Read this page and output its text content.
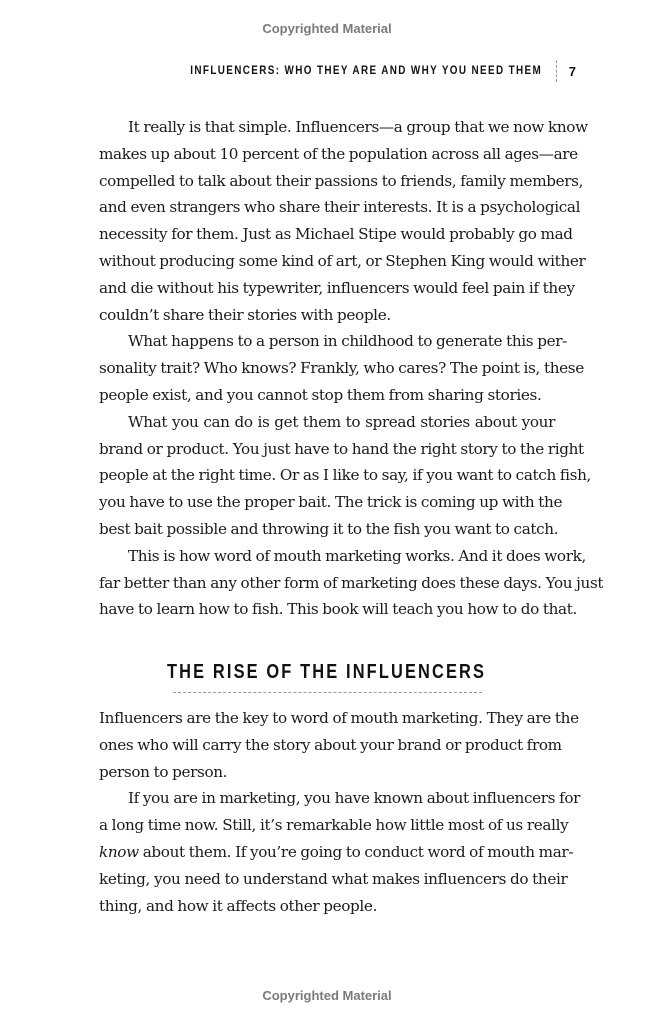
Copyrighted Material
INFLUENCERS: WHO THEY ARE AND WHY YOU NEED THEM 7
It really is that simple. Influencers—a group that we now know
makes up about 10 percent of the population across all ages—are
compelled to talk about their passions to friends, family members,
and even strangers who share their interests. It is a psychological
necessity for them. Just as Michael Stipe would probably go mad
without producing some kind of art, or Stephen King would wither
and die without his typewriter, influencers would feel pain if they
couldn’t share their stories with people.
What happens to a person in childhood to generate this per-
sonality trait? Who knows? Frankly, who cares? The point is, these
people exist, and you cannot stop them from sharing stories.
What you can do is get them to spread stories about your
brand or product. You just have to hand the right story to the right
people at the right time. Or as I like to say, if you want to catch fish,
you have to use the proper bait. The trick is coming up with the
best bait possible and throwing it to the fish you want to catch.
This is how word of mouth marketing works. And it does work,
far better than any other form of marketing does these days. You just
have to learn how to fish. This book will teach you how to do that.
THE RISE OF THE INFLUENCERS
Influencers are the key to word of mouth marketing. They are the
ones who will carry the story about your brand or product from
person to person.
If you are in marketing, you have known about influencers for
a long time now. Still, it’s remarkable how little most of us really
know about them. If you’re going to conduct word of mouth mar-
keting, you need to understand what makes influencers do their
thing, and how it affects other people.
Copyrighted Material
